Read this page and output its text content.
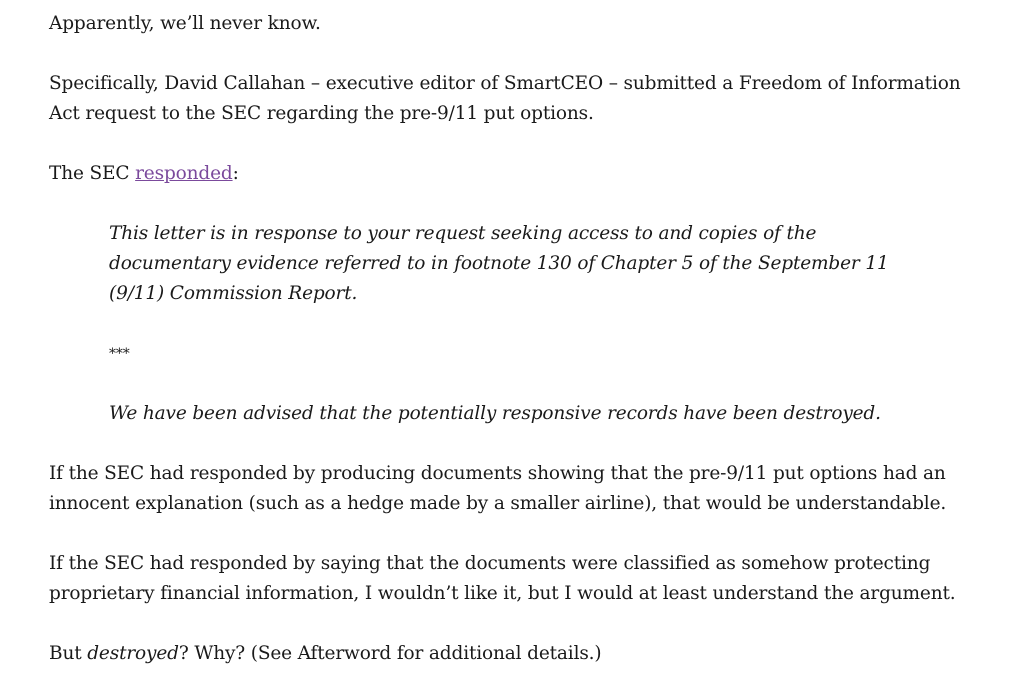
Apparently, we’ll never know.

Specifically, David Callahan – executive editor of SmartCEO – submitted a Freedom of Information Act request to the SEC regarding the pre-9/11 put options.

The SEC responded:

This letter is in response to your request seeking access to and copies of the documentary evidence referred to in footnote 130 of Chapter 5 of the September 11 (9/11) Commission Report.

***

We have been advised that the potentially responsive records have been destroyed.

If the SEC had responded by producing documents showing that the pre-9/11 put options had an innocent explanation (such as a hedge made by a smaller airline), that would be understandable.

If the SEC had responded by saying that the documents were classified as somehow protecting proprietary financial information, I wouldn’t like it, but I would at least understand the argument.

But destroyed? Why? (See Afterword for additional details.)
